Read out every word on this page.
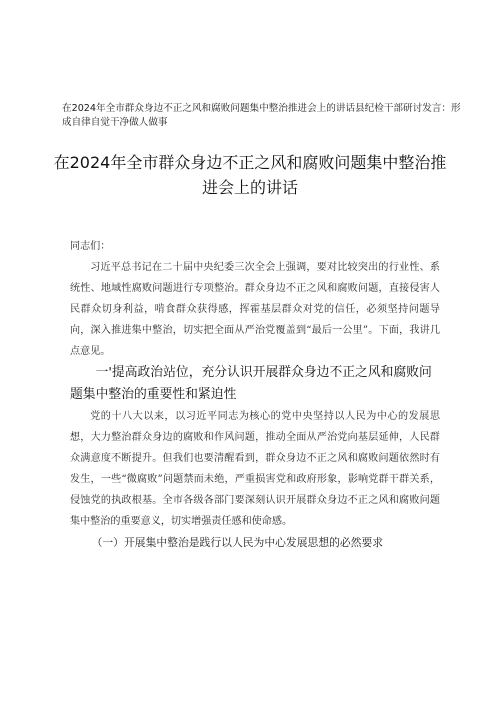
在2024年全市群众身边不正之风和腐败问题集中整治推进会上的讲话县纪检干部研讨发言：形成自律自觉干净做人做事
在2024年全市群众身边不正之风和腐败问题集中整治推进会上的讲话

同志们：

习近平总书记在二十届中央纪委三次全会上强调，要对比较突出的行业性、系统性、地域性腐败问题进行专项整治。群众身边不正之风和腐败问题，直接侵害人民群众切身利益，啃食群众获得感，挥霍基层群众对党的信任，必须坚持问题导向，深入推进集中整治，切实把全面从严治党覆盖到“最后一公里”。下面，我讲几点意见。

一'提高政治站位，充分认识开展群众身边不正之风和腐败问题集中整治的重要性和紧迫性

党的十八大以来，以习近平同志为核心的党中央坚持以人民为中心的发展思想，大力整治群众身边的腐败和作风问题，推动全面从严治党向基层延伸，人民群众满意度不断提升。但我们也要清醒看到，群众身边不正之风和腐败问题依然时有发生，一些“微腐败”问题禁而未绝，严重损害党和政府形象，影响党群干群关系，侵蚀党的执政根基。全市各级各部门要深刻认识开展群众身边不正之风和腐败问题集中整治的重要意义，切实增强责任感和使命感。

（一）开展集中整治是践行以人民为中心发展思想的必然要求
